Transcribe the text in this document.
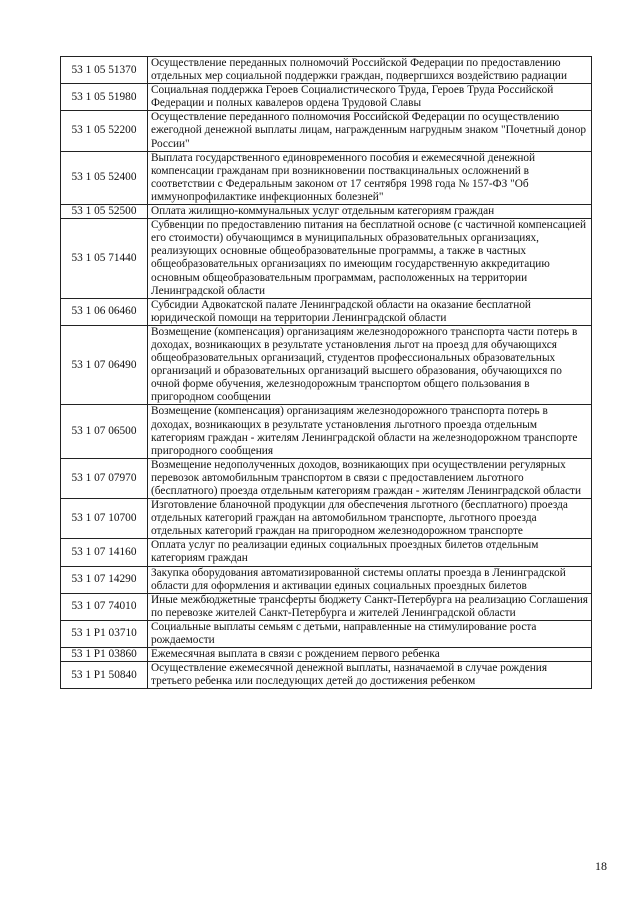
53 1 05 51370	Осуществление переданных полномочий Российской Федерации по предоставлению отдельных мер социальной поддержки граждан, подвергшихся воздействию радиации
53 1 05 51980	Социальная поддержка Героев Социалистического Труда, Героев Труда Российской Федерации и полных кавалеров ордена Трудовой Славы
53 1 05 52200	Осуществление переданного полномочия Российской Федерации по осуществлению ежегодной денежной выплаты лицам, награжденным нагрудным знаком "Почетный донор России"
53 1 05 52400	Выплата государственного единовременного пособия и ежемесячной денежной компенсации гражданам при возникновении поствакцинальных осложнений в соответствии с Федеральным законом от 17 сентября 1998 года № 157-ФЗ "Об иммунопрофилактике инфекционных болезней"
53 1 05 52500	Оплата жилищно-коммунальных услуг отдельным категориям граждан
53 1 05 71440	Субвенции по предоставлению питания на бесплатной основе (с частичной компенсацией его стоимости) обучающимся в муниципальных образовательных организациях, реализующих основные общеобразовательные программы, а также в частных общеобразовательных организациях по имеющим государственную аккредитацию основным общеобразовательным программам, расположенных на территории Ленинградской области
53 1 06 06460	Субсидии Адвокатской палате Ленинградской области на оказание бесплатной юридической помощи на территории Ленинградской области
53 1 07 06490	Возмещение (компенсация) организациям железнодорожного транспорта части потерь в доходах, возникающих в результате установления льгот на проезд для обучающихся общеобразовательных организаций, студентов профессиональных образовательных организаций и образовательных организаций высшего образования, обучающихся по очной форме обучения, железнодорожным транспортом общего пользования в пригородном сообщении
53 1 07 06500	Возмещение (компенсация) организациям железнодорожного транспорта потерь в доходах, возникающих в результате установления льготного проезда отдельным категориям граждан - жителям Ленинградской области на железнодорожном транспорте пригородного сообщения
53 1 07 07970	Возмещение недополученных доходов, возникающих при осуществлении регулярных перевозок автомобильным транспортом в связи с предоставлением льготного (бесплатного) проезда отдельным категориям граждан - жителям Ленинградской области
53 1 07 10700	Изготовление бланочной продукции для обеспечения льготного (бесплатного) проезда отдельных категорий граждан на автомобильном транспорте, льготного проезда отдельных категорий граждан на пригородном железнодорожном транспорте
53 1 07 14160	Оплата услуг по реализации единых социальных проездных билетов отдельным категориям граждан
53 1 07 14290	Закупка оборудования автоматизированной системы оплаты проезда в Ленинградской области для оформления и активации единых социальных проездных билетов
53 1 07 74010	Иные межбюджетные трансферты бюджету Санкт-Петербурга на реализацию Соглашения по перевозке жителей Санкт-Петербурга и жителей Ленинградской области
53 1 P1 03710	Социальные выплаты семьям с детьми, направленные на стимулирование роста рождаемости
53 1 P1 03860	Ежемесячная выплата в связи с рождением первого ребенка
53 1 P1 50840	Осуществление ежемесячной денежной выплаты, назначаемой в случае рождения третьего ребенка или последующих детей до достижения ребенком
18
